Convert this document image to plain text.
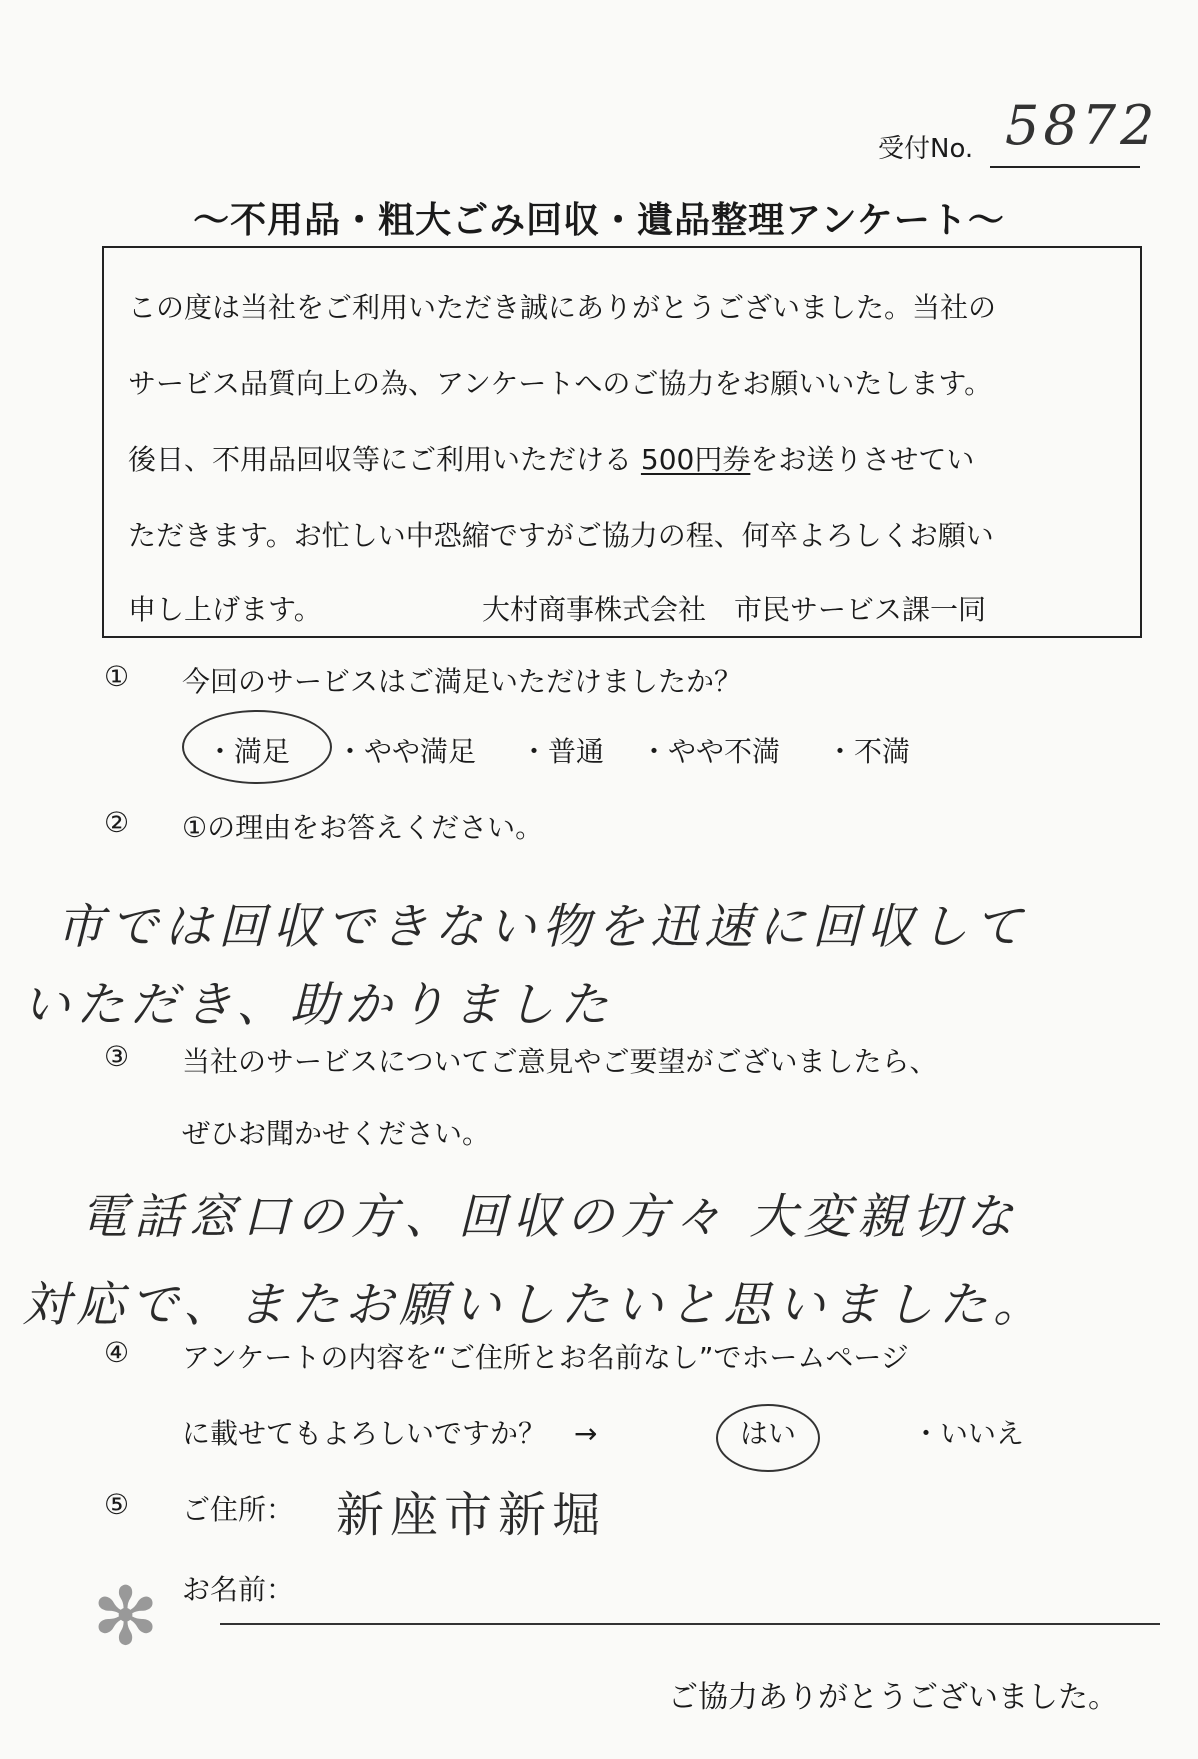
受付No. 5872
～不用品・粗大ごみ回収・遺品整理アンケート～
この度は当社をご利用いただき誠にありがとうございました。当社の
サービス品質向上の為、アンケートへのご協力をお願いいたします。
後日、不用品回収等にご利用いただける 500円券をお送りさせてい
ただきます。お忙しい中恐縮ですがご協力の程、何卒よろしくお願い
申し上げます。	大村商事株式会社　市民サービス課一同
① 今回のサービスはご満足いただけましたか？
・満足 ・やや満足 ・普通 ・やや不満 ・不満
② ①の理由をお答えください。
市では回収できない物を迅速に回収して
いただき、助かりました
③ 当社のサービスについてご意見やご要望がございましたら、
ぜひお聞かせください。
電話窓口の方、回収の方々 大変親切な
対応で、またお願いしたいと思いました。
④ アンケートの内容を“ご住所とお名前なし”でホームページ
に載せてもよろしいですか？　→	はい	・いいえ
⑤ ご住所： 新座市新堀
お名前：
✻
ご協力ありがとうございました。
